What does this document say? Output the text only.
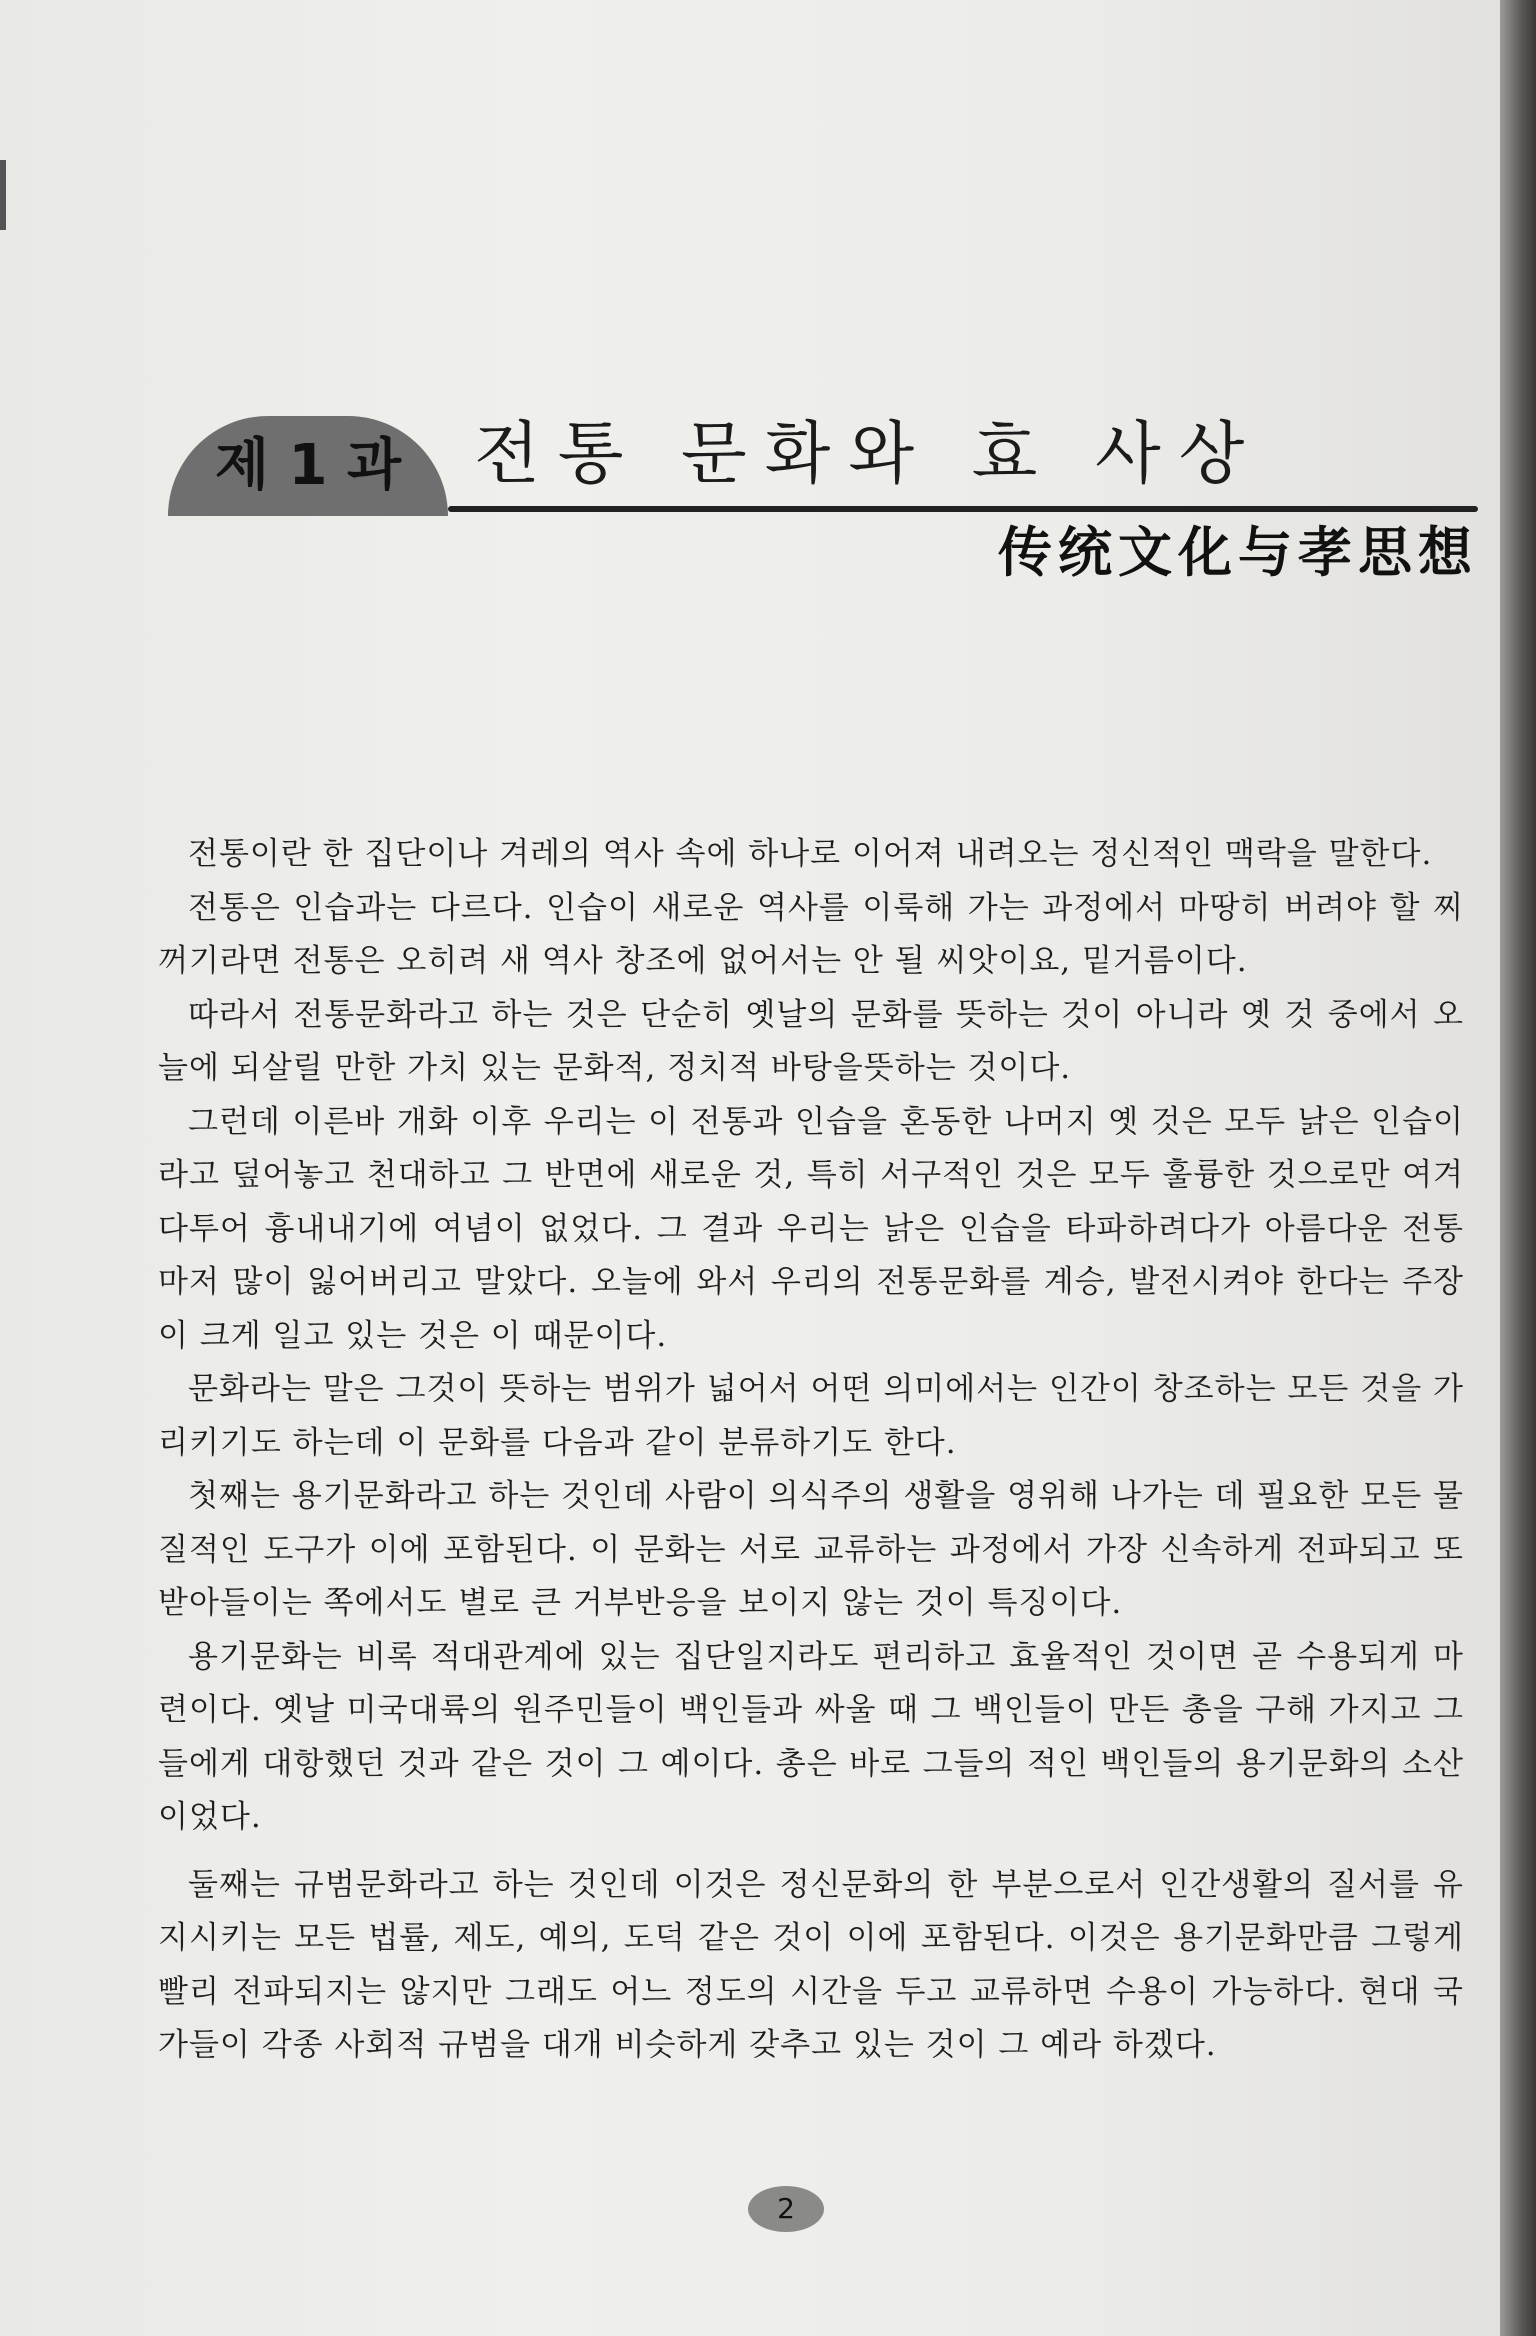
제 1 과	전통 문화와 효 사상
传统文化与孝思想

전통이란 한 집단이나 겨레의 역사 속에 하나로 이어져 내려오는 정신적인 맥락을 말한다.

전통은 인습과는 다르다. 인습이 새로운 역사를 이룩해 가는 과정에서 마땅히 버려야 할 찌꺼기라면 전통은 오히려 새 역사 창조에 없어서는 안 될 씨앗이요, 밑거름이다.

따라서 전통문화라고 하는 것은 단순히 옛날의 문화를 뜻하는 것이 아니라 옛 것 중에서 오늘에 되살릴 만한 가치 있는 문화적, 정치적 바탕을뜻하는 것이다.

그런데 이른바 개화 이후 우리는 이 전통과 인습을 혼동한 나머지 옛 것은 모두 낡은 인습이라고 덮어놓고 천대하고 그 반면에 새로운 것, 특히 서구적인 것은 모두 훌륭한 것으로만 여겨 다투어 흉내내기에 여념이 없었다. 그 결과 우리는 낡은 인습을 타파하려다가 아름다운 전통마저 많이 잃어버리고 말았다. 오늘에 와서 우리의 전통문화를 계승, 발전시켜야 한다는 주장이 크게 일고 있는 것은 이 때문이다.

문화라는 말은 그것이 뜻하는 범위가 넓어서 어떤 의미에서는 인간이 창조하는 모든 것을 가리키기도 하는데 이 문화를 다음과 같이 분류하기도 한다.

첫째는 용기문화라고 하는 것인데 사람이 의식주의 생활을 영위해 나가는 데 필요한 모든 물질적인 도구가 이에 포함된다. 이 문화는 서로 교류하는 과정에서 가장 신속하게 전파되고 또 받아들이는 쪽에서도 별로 큰 거부반응을 보이지 않는 것이 특징이다.

용기문화는 비록 적대관계에 있는 집단일지라도 편리하고 효율적인 것이면 곧 수용되게 마련이다. 옛날 미국대륙의 원주민들이 백인들과 싸울 때 그 백인들이 만든 총을 구해 가지고 그들에게 대항했던 것과 같은 것이 그 예이다. 총은 바로 그들의 적인 백인들의 용기문화의 소산이었다.

둘째는 규범문화라고 하는 것인데 이것은 정신문화의 한 부분으로서 인간생활의 질서를 유지시키는 모든 법률, 제도, 예의, 도덕 같은 것이 이에 포함된다. 이것은 용기문화만큼 그렇게 빨리 전파되지는 않지만 그래도 어느 정도의 시간을 두고 교류하면 수용이 가능하다. 현대 국가들이 각종 사회적 규범을 대개 비슷하게 갖추고 있는 것이 그 예라 하겠다.

2
